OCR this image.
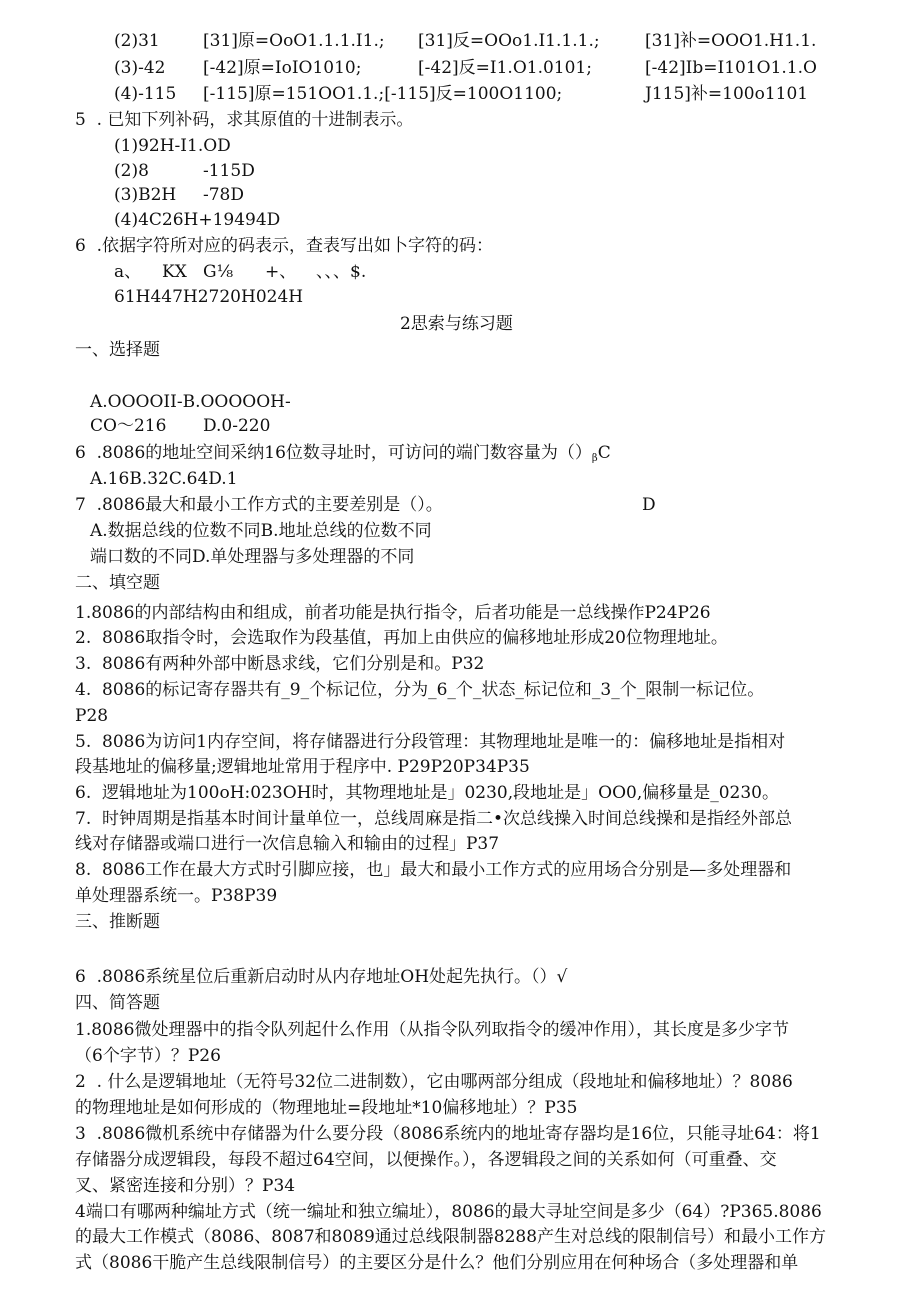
(2)31	[31]原=OoO1.1.1.I1.; [31]反=OOo1.I1.1.1.;	[31]补=OOO1.H1.1.
(3)-42 [-42]原=IoIO1010;	[-42]反=I1.O1.0101;	[-42]Ib=I101O1.1.O
(4)-115 [-115]原=151OO1.1.;[-115]反=100O1100;	J115]补=100o1101
5  . 已知下列补码，求其原值的十进制表示。
(1)92H-I1.OD
(2)8	-115D
(3)B2H -78D
(4)4C26H+19494D
6  .依据字符所对应的码表示，查表写出如卜字符的码：
a、 KX G⅛ +、 、、、$.
61H447H2720H024H
2思索与练习题
一、选择题
A.OOOOII-B.OOOOOH-
CO～216 D.0-220
6  .8086的地址空间采纳16位数寻址时，可访问的端门数容量为$()_\beta C$
A.16B.32C.64D.1
7  .8086最大和最小工作方式的主要差别是（）。	D
A.数据总线的位数不同B.地址总线的位数不同
端口数的不同D.单处理器与多处理器的不同
二、填空题
1.8086的内部结构由和组成，前者功能是执行指令，后者功能是一总线操作P24P26
2.  8086取指令时，会选取作为段基值，再加上由供应的偏移地址形成20位物理地址。
3.  8086有两种外部中断恳求线，它们分别是和。P32
4.  8086的标记寄存器共有_9_个标记位，分为_6_个_状态_标记位和_3_个_限制一标记位。
P28
5.  8086为访问1内存空间，将存储器进行分段管理：其物理地址是唯一的：偏移地址是指相对
段基地址的偏移量;逻辑地址常用于程序中. P29P20P34P35
6.  逻辑地址为100oH:023OH时，其物理地址是」0230,段地址是」OO0,偏移量是_0230。
7.  时钟周期是指基本时间计量单位一，总线周麻是指二•次总线操入时间总线操和是指经外部总
线对存储器或端口进行一次信息输入和输由的过程」P37
8.  8086工作在最大方式时引脚应接，也」最大和最小工作方式的应用场合分别是—多处理器和
单处理器系统一。P38P39
三、推断题
6  .8086系统星位后重新启动时从内存地址OH处起先执行。（）√
四、简答题
1.8086微处理器中的指令队列起什么作用（从指令队列取指令的缓冲作用），其长度是多少字节
（6个字节）？P26
2  . 什么是逻辑地址（无符号32位二进制数），它由哪两部分组成（段地址和偏移地址）？8086
的物理地址是如何形成的（物理地址=段地址*10偏移地址）？P35
3  .8086微机系统中存储器为什么要分段（8086系统内的地址寄存器均是16位，只能寻址64：将1
存储器分成逻辑段，每段不超过64空间，以便操作。），各逻辑段之间的关系如何（可重叠、交
叉、紧密连接和分别）？P34
4端口有哪两种编址方式（统一编址和独立编址），8086的最大寻址空间是多少（64）?P365.8086
的最大工作模式（8086、8087和8089通过总线限制器8288产生对总线的限制信号）和最小工作方
式（8086干脆产生总线限制信号）的主要区分是什么？他们分别应用在何种场合（多处理器和单
